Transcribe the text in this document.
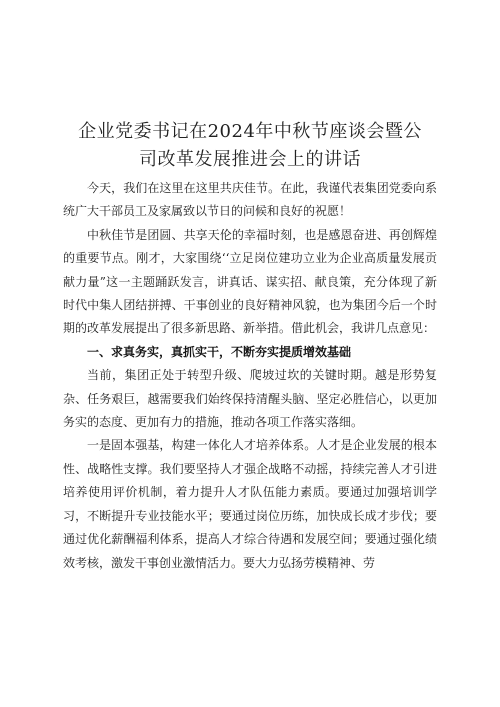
企业党委书记在2024年中秋节座谈会暨公司改革发展推进会上的讲话

今天，我们在这里在这里共庆佳节。在此，我谨代表集团党委向系统广大干部员工及家属致以节日的问候和良好的祝愿！

中秋佳节是团圆、共享天伦的幸福时刻，也是感恩奋进、再创辉煌的重要节点。刚才，大家围绕‘‘立足岗位建功立业为企业高质量发展贡献力量”这一主题踊跃发言，讲真话、谋实招、献良策，充分体现了新时代中集人团结拼搏、干事创业的良好精神风貌，也为集团今后一个时期的改革发展提出了很多新思路、新举措。借此机会，我讲几点意见：

一、求真务实，真抓实干，不断夯实提质增效基础

当前，集团正处于转型升级、爬坡过坎的关键时期。越是形势复杂、任务艰巨，越需要我们始终保持清醒头脑、坚定必胜信心，以更加务实的态度、更加有力的措施，推动各项工作落实落细。

一是固本强基，构建一体化人才培养体系。人才是企业发展的根本性、战略性支撑。我们要坚持人才强企战略不动摇，持续完善人才引进培养使用评价机制，着力提升人才队伍能力素质。要通过加强培训学习，不断提升专业技能水平；要通过岗位历练，加快成长成才步伐；要通过优化薪酬福利体系，提高人才综合待遇和发展空间；要通过强化绩效考核，激发干事创业激情活力。要大力弘扬劳模精神、劳
